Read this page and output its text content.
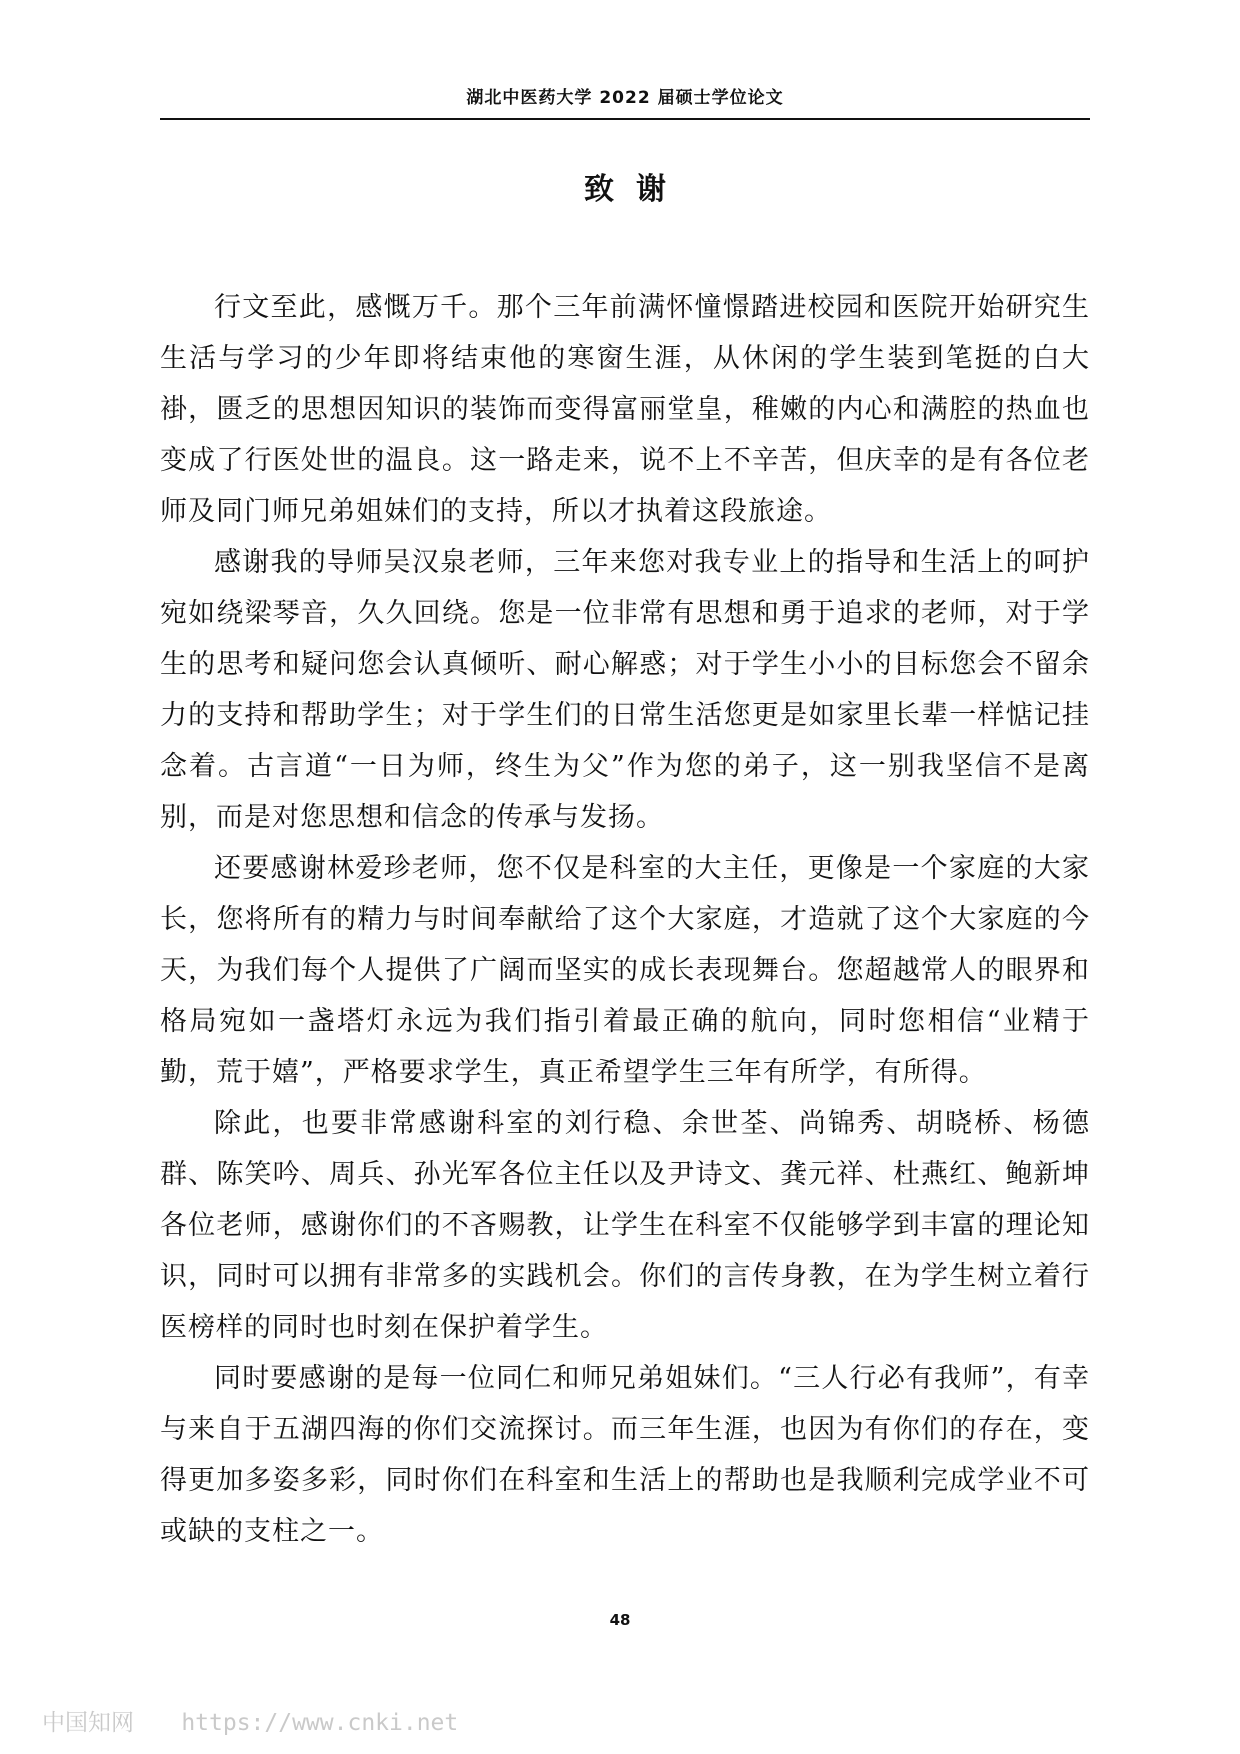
湖北中医药大学 2022 届硕士学位论文
致谢

行文至此，感慨万千。那个三年前满怀憧憬踏进校园和医院开始研究生生活与学习的少年即将结束他的寒窗生涯，从休闲的学生装到笔挺的白大褂，匮乏的思想因知识的装饰而变得富丽堂皇，稚嫩的内心和满腔的热血也变成了行医处世的温良。这一路走来，说不上不辛苦，但庆幸的是有各位老师及同门师兄弟姐妹们的支持，所以才执着这段旅途。

感谢我的导师吴汉泉老师，三年来您对我专业上的指导和生活上的呵护宛如绕梁琴音，久久回绕。您是一位非常有思想和勇于追求的老师，对于学生的思考和疑问您会认真倾听、耐心解惑；对于学生小小的目标您会不留余力的支持和帮助学生；对于学生们的日常生活您更是如家里长辈一样惦记挂念着。古言道“一日为师，终生为父”作为您的弟子，这一别我坚信不是离别，而是对您思想和信念的传承与发扬。

还要感谢林爱珍老师，您不仅是科室的大主任，更像是一个家庭的大家长，您将所有的精力与时间奉献给了这个大家庭，才造就了这个大家庭的今天，为我们每个人提供了广阔而坚实的成长表现舞台。您超越常人的眼界和格局宛如一盏塔灯永远为我们指引着最正确的航向，同时您相信“业精于勤，荒于嬉”，严格要求学生，真正希望学生三年有所学，有所得。

除此，也要非常感谢科室的刘行稳、余世荃、尚锦秀、胡晓桥、杨德群、陈笑吟、周兵、孙光军各位主任以及尹诗文、龚元祥、杜燕红、鲍新坤各位老师，感谢你们的不吝赐教，让学生在科室不仅能够学到丰富的理论知识，同时可以拥有非常多的实践机会。你们的言传身教，在为学生树立着行医榜样的同时也时刻在保护着学生。

同时要感谢的是每一位同仁和师兄弟姐妹们。“三人行必有我师”，有幸与来自于五湖四海的你们交流探讨。而三年生涯，也因为有你们的存在，变得更加多姿多彩，同时你们在科室和生活上的帮助也是我顺利完成学业不可或缺的支柱之一。

48
中国知网 https://www.cnki.net
